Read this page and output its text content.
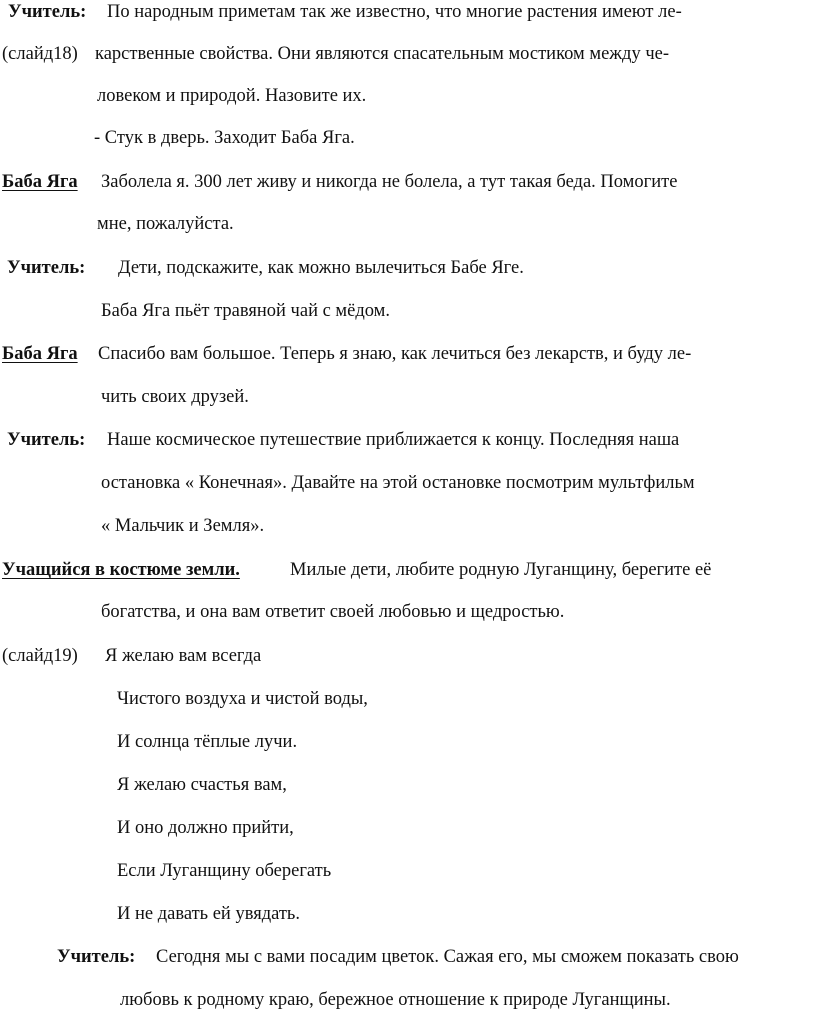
Учитель: По народным приметам так же известно, что многие растения имеют ле-
(слайд18) карственные свойства. Они являются спасательным мостиком между че-
ловеком и природой. Назовите их.
- Стук в дверь. Заходит Баба Яга.
Баба Яга	Заболела я. 300 лет живу и никогда не болела, а тут такая беда. Помогите
мне, пожалуйста.
Учитель: Дети, подскажите, как можно вылечиться Бабе Яге.
Баба Яга пьёт травяной чай с мёдом.
Баба Яга	Спасибо вам большое. Теперь я знаю, как лечиться без лекарств, и буду ле-
чить своих друзей.
Учитель: Наше космическое путешествие приближается к концу. Последняя наша
остановка « Конечная». Давайте на этой остановке посмотрим мультфильм
« Мальчик и Земля».
Учащийся в костюме земли.	Милые дети, любите родную Луганщину, берегите её
богатства, и она вам ответит своей любовью и щедростью.
(слайд19) Я желаю вам всегда
Чистого воздуха и чистой воды,
И солнца тёплые лучи.
Я желаю счастья вам,
И оно должно прийти,
Если Луганщину оберегать
И не давать ей увядать.
Учитель: Сегодня мы с вами посадим цветок. Сажая его, мы сможем показать свою
любовь к родному краю, бережное отношение к природе Луганщины.
